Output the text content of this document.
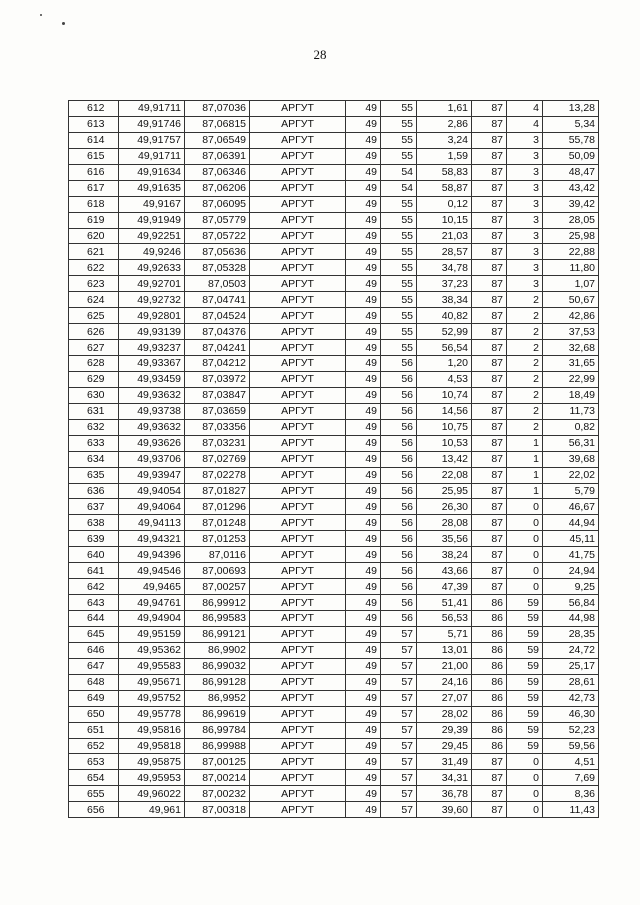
28
612	49,91711	87,07036	АРГУТ	49	55	1,61	87	4	13,28
613	49,91746	87,06815	АРГУТ	49	55	2,86	87	4	5,34
614	49,91757	87,06549	АРГУТ	49	55	3,24	87	3	55,78
615	49,91711	87,06391	АРГУТ	49	55	1,59	87	3	50,09
616	49,91634	87,06346	АРГУТ	49	54	58,83	87	3	48,47
617	49,91635	87,06206	АРГУТ	49	54	58,87	87	3	43,42
618	49,9167	87,06095	АРГУТ	49	55	0,12	87	3	39,42
619	49,91949	87,05779	АРГУТ	49	55	10,15	87	3	28,05
620	49,92251	87,05722	АРГУТ	49	55	21,03	87	3	25,98
621	49,9246	87,05636	АРГУТ	49	55	28,57	87	3	22,88
622	49,92633	87,05328	АРГУТ	49	55	34,78	87	3	11,80
623	49,92701	87,0503	АРГУТ	49	55	37,23	87	3	1,07
624	49,92732	87,04741	АРГУТ	49	55	38,34	87	2	50,67
625	49,92801	87,04524	АРГУТ	49	55	40,82	87	2	42,86
626	49,93139	87,04376	АРГУТ	49	55	52,99	87	2	37,53
627	49,93237	87,04241	АРГУТ	49	55	56,54	87	2	32,68
628	49,93367	87,04212	АРГУТ	49	56	1,20	87	2	31,65
629	49,93459	87,03972	АРГУТ	49	56	4,53	87	2	22,99
630	49,93632	87,03847	АРГУТ	49	56	10,74	87	2	18,49
631	49,93738	87,03659	АРГУТ	49	56	14,56	87	2	11,73
632	49,93632	87,03356	АРГУТ	49	56	10,75	87	2	0,82
633	49,93626	87,03231	АРГУТ	49	56	10,53	87	1	56,31
634	49,93706	87,02769	АРГУТ	49	56	13,42	87	1	39,68
635	49,93947	87,02278	АРГУТ	49	56	22,08	87	1	22,02
636	49,94054	87,01827	АРГУТ	49	56	25,95	87	1	5,79
637	49,94064	87,01296	АРГУТ	49	56	26,30	87	0	46,67
638	49,94113	87,01248	АРГУТ	49	56	28,08	87	0	44,94
639	49,94321	87,01253	АРГУТ	49	56	35,56	87	0	45,11
640	49,94396	87,0116	АРГУТ	49	56	38,24	87	0	41,75
641	49,94546	87,00693	АРГУТ	49	56	43,66	87	0	24,94
642	49,9465	87,00257	АРГУТ	49	56	47,39	87	0	9,25
643	49,94761	86,99912	АРГУТ	49	56	51,41	86	59	56,84
644	49,94904	86,99583	АРГУТ	49	56	56,53	86	59	44,98
645	49,95159	86,99121	АРГУТ	49	57	5,71	86	59	28,35
646	49,95362	86,9902	АРГУТ	49	57	13,01	86	59	24,72
647	49,95583	86,99032	АРГУТ	49	57	21,00	86	59	25,17
648	49,95671	86,99128	АРГУТ	49	57	24,16	86	59	28,61
649	49,95752	86,9952	АРГУТ	49	57	27,07	86	59	42,73
650	49,95778	86,99619	АРГУТ	49	57	28,02	86	59	46,30
651	49,95816	86,99784	АРГУТ	49	57	29,39	86	59	52,23
652	49,95818	86,99988	АРГУТ	49	57	29,45	86	59	59,56
653	49,95875	87,00125	АРГУТ	49	57	31,49	87	0	4,51
654	49,95953	87,00214	АРГУТ	49	57	34,31	87	0	7,69
655	49,96022	87,00232	АРГУТ	49	57	36,78	87	0	8,36
656	49,961	87,00318	АРГУТ	49	57	39,60	87	0	11,43
